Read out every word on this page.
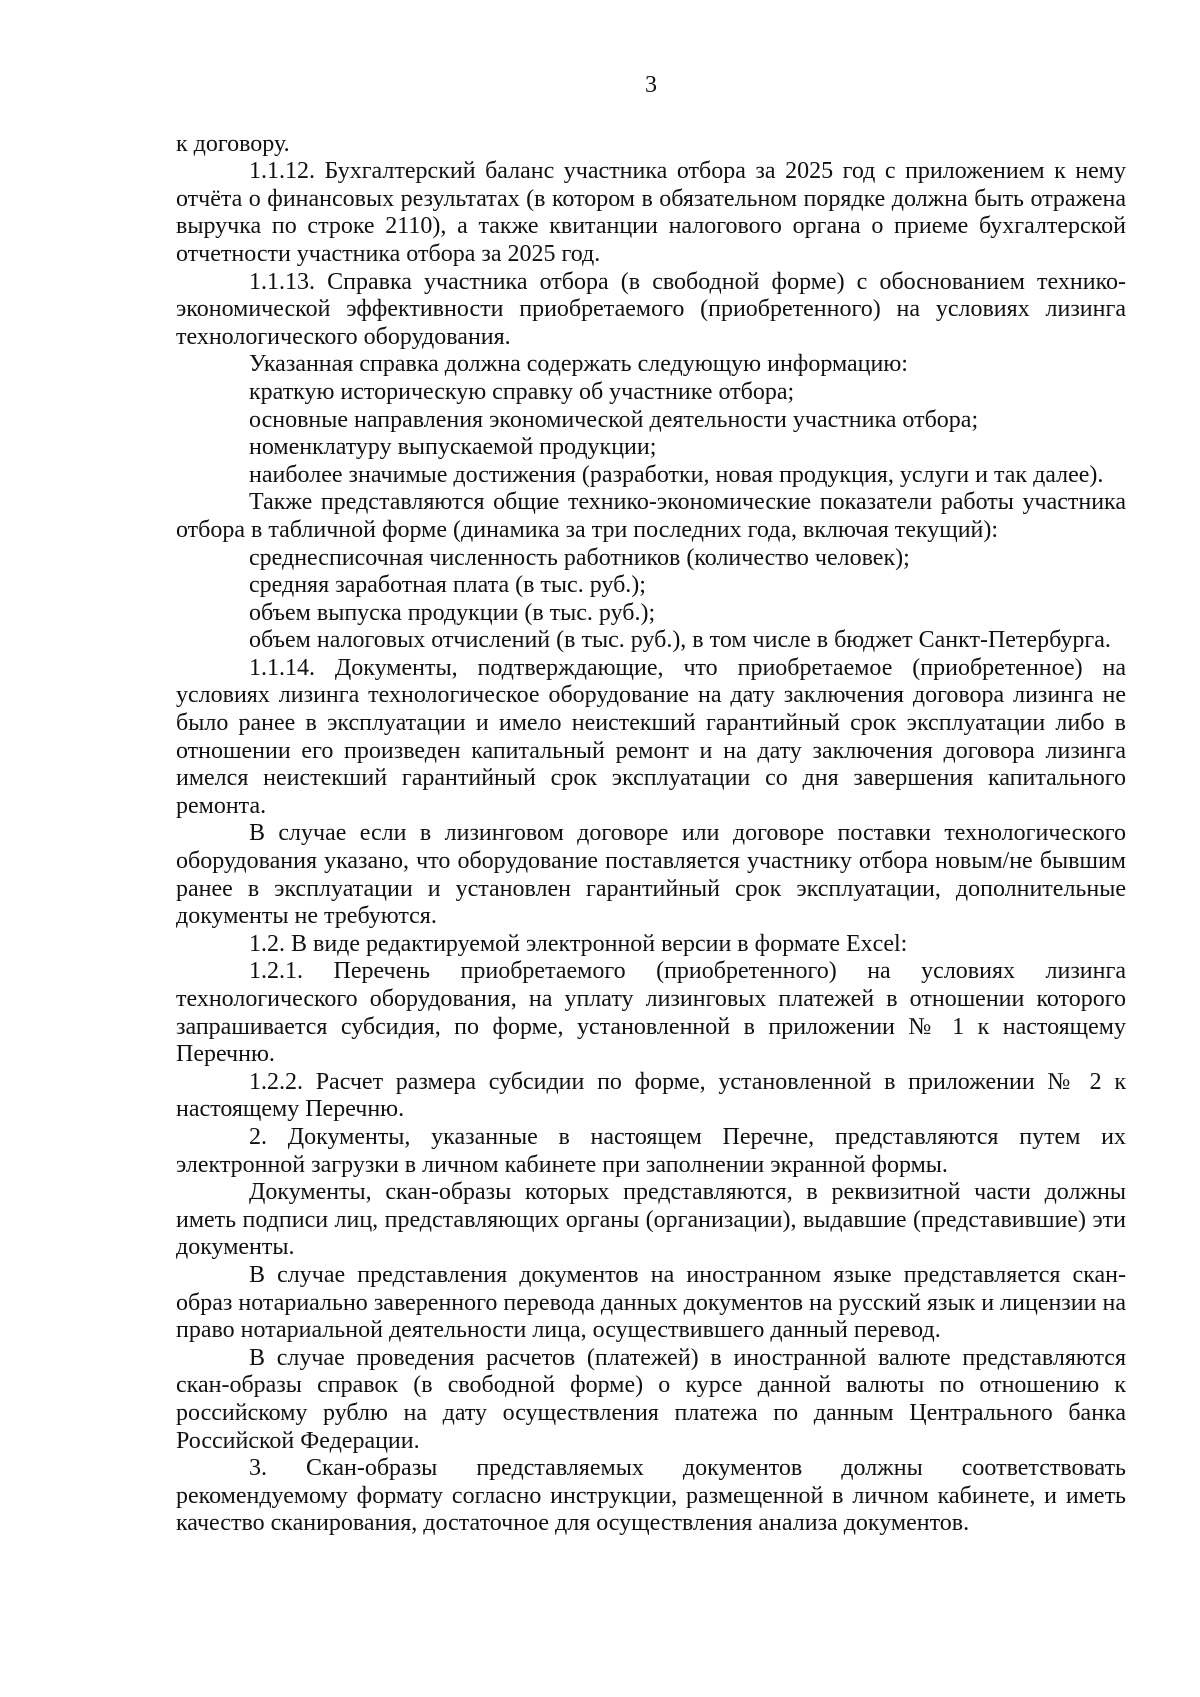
3

к договору.

1.1.12. Бухгалтерский баланс участника отбора за 2025 год с приложением к нему отчёта о финансовых результатах (в котором в обязательном порядке должна быть отражена выручка по строке 2110), а также квитанции налогового органа о приеме бухгалтерской отчетности участника отбора за 2025 год.

1.1.13. Справка участника отбора (в свободной форме) с обоснованием технико-экономической эффективности приобретаемого (приобретенного) на условиях лизинга технологического оборудования.

Указанная справка должна содержать следующую информацию:

краткую историческую справку об участнике отбора;

основные направления экономической деятельности участника отбора;

номенклатуру выпускаемой продукции;

наиболее значимые достижения (разработки, новая продукция, услуги и так далее).

Также представляются общие технико-экономические показатели работы участника отбора в табличной форме (динамика за три последних года, включая текущий):

среднесписочная численность работников (количество человек);

средняя заработная плата (в тыс. руб.);

объем выпуска продукции (в тыс. руб.);

объем налоговых отчислений (в тыс. руб.), в том числе в бюджет Санкт-Петербурга.

1.1.14. Документы, подтверждающие, что приобретаемое (приобретенное) на условиях лизинга технологическое оборудование на дату заключения договора лизинга не было ранее в эксплуатации и имело неистекший гарантийный срок эксплуатации либо в отношении его произведен капитальный ремонт и на дату заключения договора лизинга имелся неистекший гарантийный срок эксплуатации со дня завершения капитального ремонта.

В случае если в лизинговом договоре или договоре поставки технологического оборудования указано, что оборудование поставляется участнику отбора новым/не бывшим ранее в эксплуатации и установлен гарантийный срок эксплуатации, дополнительные документы не требуются.

1.2. В виде редактируемой электронной версии в формате Excel:

1.2.1. Перечень приобретаемого (приобретенного) на условиях лизинга технологического оборудования, на уплату лизинговых платежей в отношении которого запрашивается субсидия, по форме, установленной в приложении № 1 к настоящему Перечню.

1.2.2. Расчет размера субсидии по форме, установленной в приложении № 2 к настоящему Перечню.

2. Документы, указанные в настоящем Перечне, представляются путем их электронной загрузки в личном кабинете при заполнении экранной формы.

Документы, скан-образы которых представляются, в реквизитной части должны иметь подписи лиц, представляющих органы (организации), выдавшие (представившие) эти документы.

В случае представления документов на иностранном языке представляется скан-образ нотариально заверенного перевода данных документов на русский язык и лицензии на право нотариальной деятельности лица, осуществившего данный перевод.

В случае проведения расчетов (платежей) в иностранной валюте представляются скан-образы справок (в свободной форме) о курсе данной валюты по отношению к российскому рублю на дату осуществления платежа по данным Центрального банка Российской Федерации.

3. Скан-образы представляемых документов должны соответствовать рекомендуемому формату согласно инструкции, размещенной в личном кабинете, и иметь качество сканирования, достаточное для осуществления анализа документов.
